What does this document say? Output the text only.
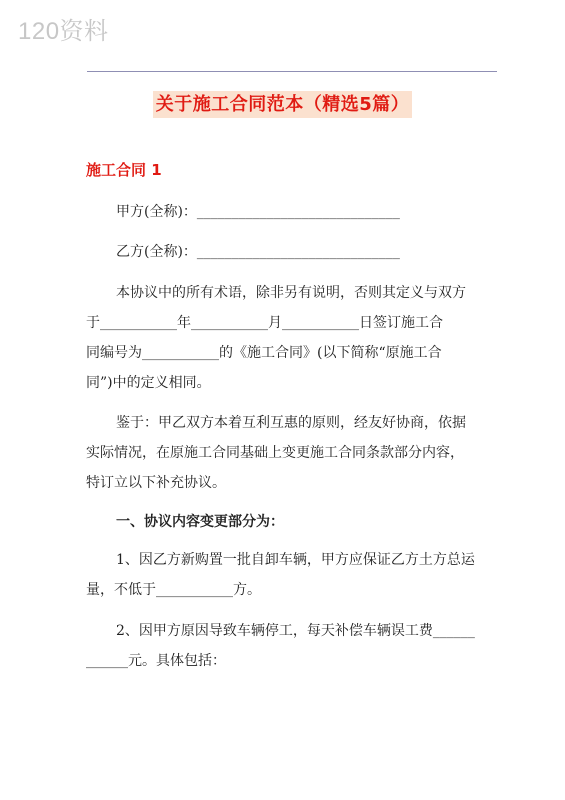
120资料
关于施工合同范本（精选5篇）
施工合同 1
甲方(全称)：_____________________________
乙方(全称)：_____________________________
本协议中的所有术语，除非另有说明，否则其定义与双方
于___________年___________月___________日签订施工合
同编号为___________的《施工合同》(以下简称“原施工合
同”)中的定义相同。
鉴于：甲乙双方本着互利互惠的原则，经友好协商，依据
实际情况，在原施工合同基础上变更施工合同条款部分内容，
特订立以下补充协议。
一、协议内容变更部分为：
1、因乙方新购置一批自卸车辆，甲方应保证乙方土方总运
量，不低于___________方。
2、因甲方原因导致车辆停工，每天补偿车辆误工费______
______元。具体包括：
